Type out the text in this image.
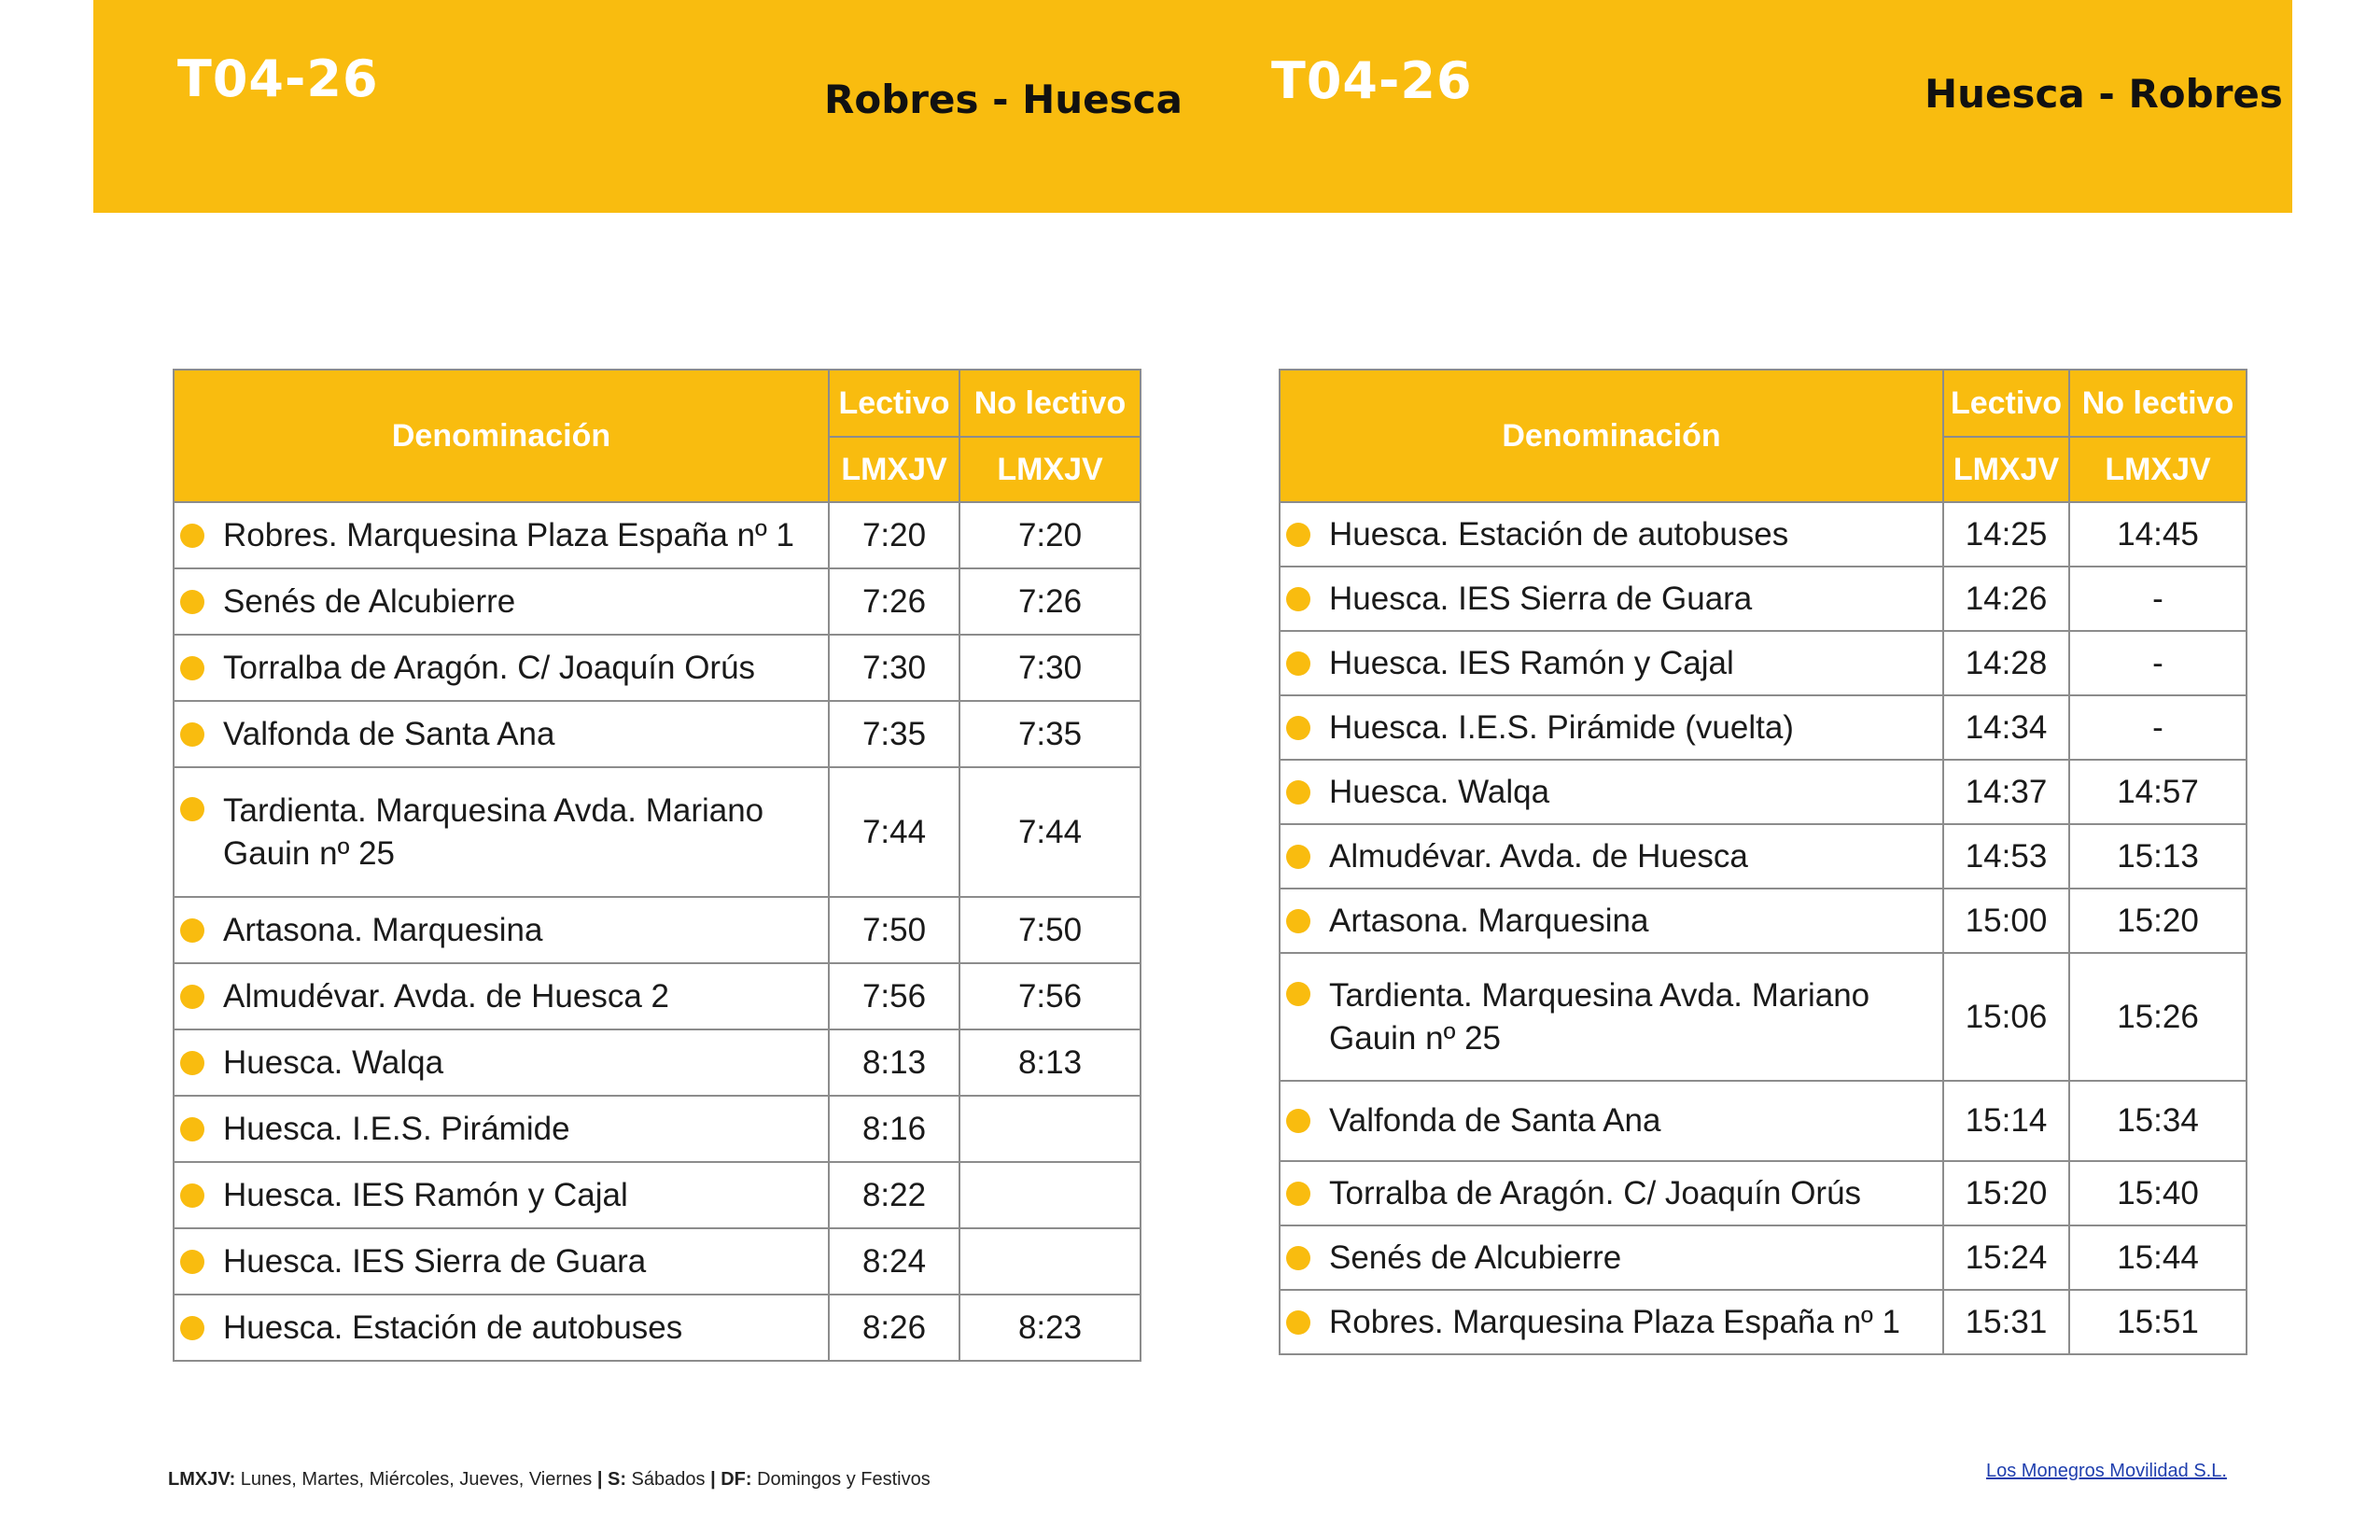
T04-26	Robres - Huesca T04-26	Huesca - Robres
Denominación	Lectivo	No lectivo
	LMXJV	LMXJV

Robres. Marquesina Plaza España nº 1	7:20	7:20

Senés de Alcubierre	7:26	7:26

Torralba de Aragón. C/ Joaquín Orús	7:30	7:30

Valfonda de Santa Ana	7:35	7:35

Tardienta. Marquesina Avda. Mariano
Gauin nº 25	7:44	7:44

Artasona. Marquesina	7:50	7:50

Almudévar. Avda. de Huesca 2	7:56	7:56

Huesca. Walqa	8:13	8:13

Huesca. I.E.S. Pirámide	8:16	

Huesca. IES Ramón y Cajal	8:22	

Huesca. IES Sierra de Guara	8:24	

Huesca. Estación de autobuses	8:26	8:23
Denominación	Lectivo	No lectivo
	LMXJV	LMXJV

Huesca. Estación de autobuses	14:25	14:45

Huesca. IES Sierra de Guara	14:26	-

Huesca. IES Ramón y Cajal	14:28	-

Huesca. I.E.S. Pirámide (vuelta)	14:34	-

Huesca. Walqa	14:37	14:57

Almudévar. Avda. de Huesca	14:53	15:13

Artasona. Marquesina	15:00	15:20

Tardienta. Marquesina Avda. Mariano
Gauin nº 25	15:06	15:26

Valfonda de Santa Ana	15:14	15:34

Torralba de Aragón. C/ Joaquín Orús	15:20	15:40

Senés de Alcubierre	15:24	15:44

Robres. Marquesina Plaza España nº 1	15:31	15:51
LMXJV: Lunes, Martes, Miércoles, Jueves, Viernes | S: Sábados | DF: Domingos y Festivos	Los Monegros Movilidad S.L.
